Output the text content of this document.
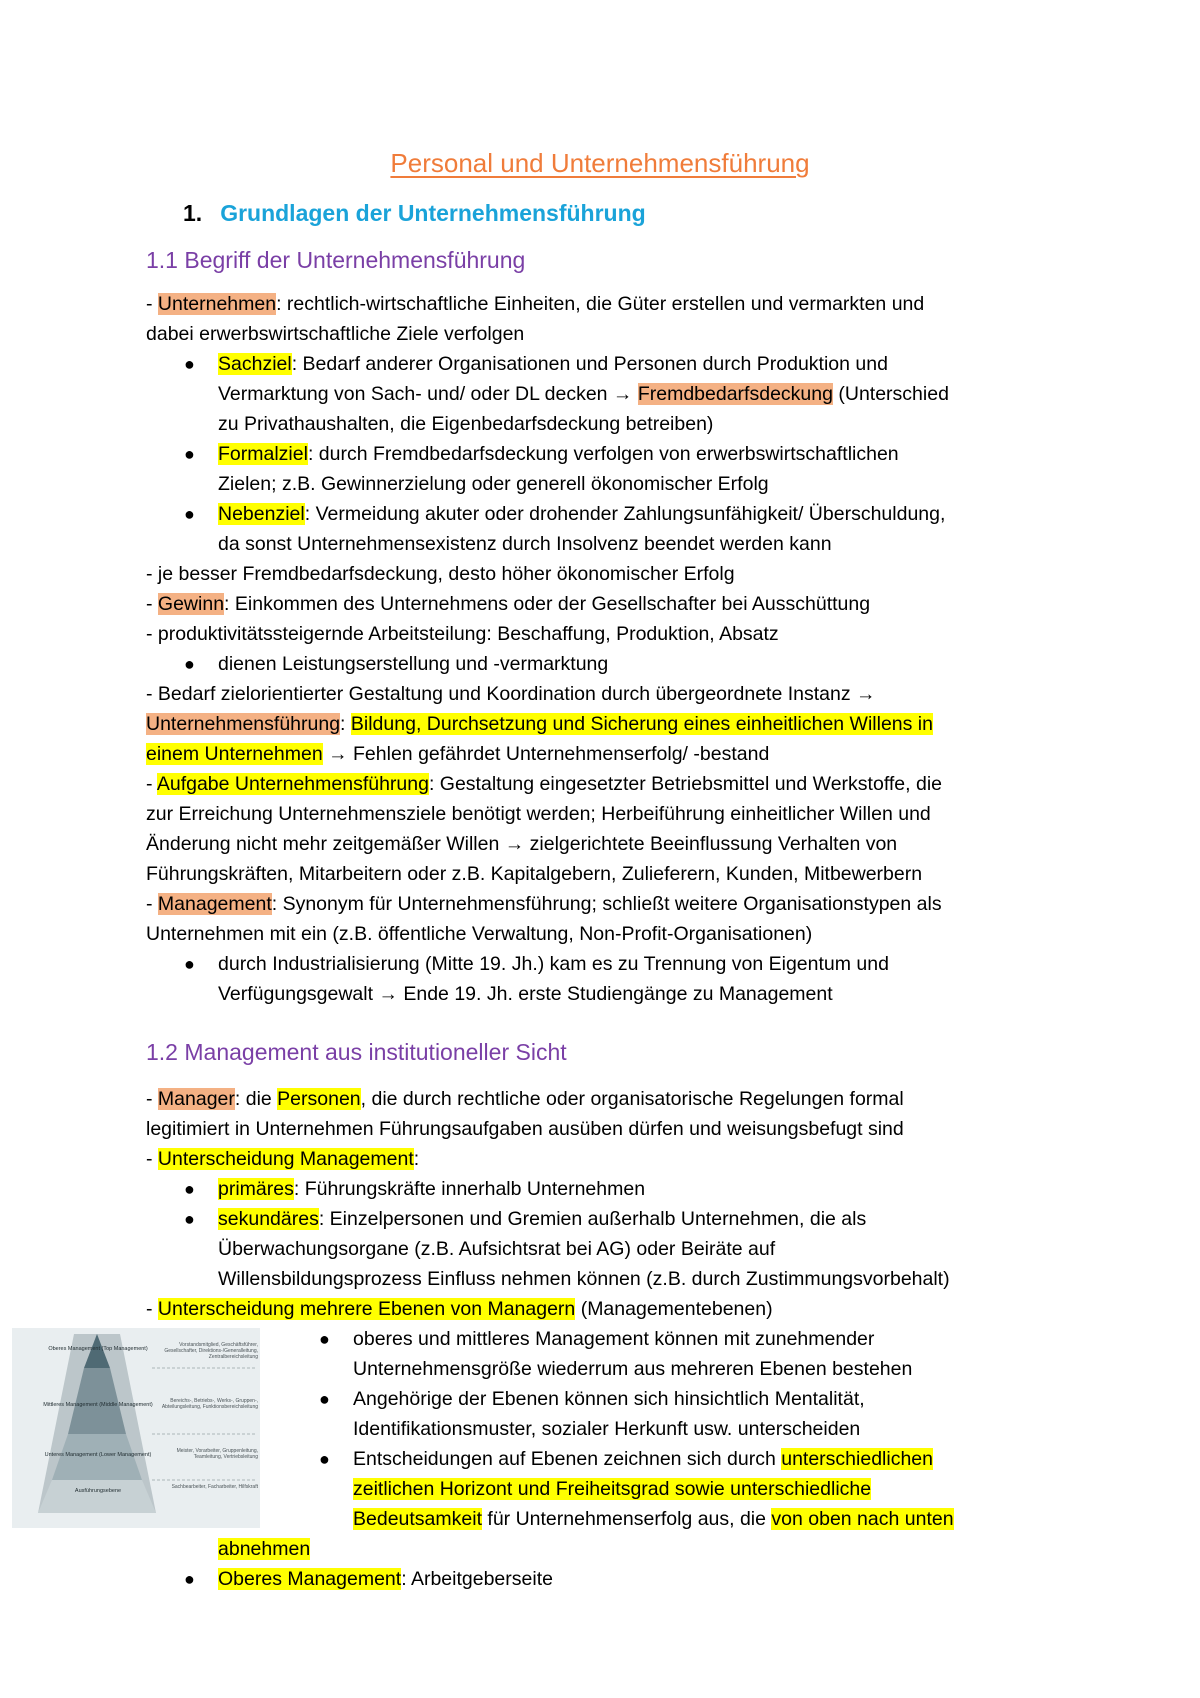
Personal und Unternehmensführung
1. Grundlagen der Unternehmensführung
1.1 Begriff der Unternehmensführung
1.2 Management aus institutioneller Sicht
- Unternehmen: rechtlich-wirtschaftliche Einheiten, die Güter erstellen und vermarkten und
dabei erwerbswirtschaftliche Ziele verfolgen
● Sachziel: Bedarf anderer Organisationen und Personen durch Produktion und
Vermarktung von Sach- und/ oder DL decken → Fremdbedarfsdeckung (Unterschied
zu Privathaushalten, die Eigenbedarfsdeckung betreiben)
● Formalziel: durch Fremdbedarfsdeckung verfolgen von erwerbswirtschaftlichen
Zielen; z.B. Gewinnerzielung oder generell ökonomischer Erfolg
● Nebenziel: Vermeidung akuter oder drohender Zahlungsunfähigkeit/ Überschuldung,
da sonst Unternehmensexistenz durch Insolvenz beendet werden kann
- je besser Fremdbedarfsdeckung, desto höher ökonomischer Erfolg
- Gewinn: Einkommen des Unternehmens oder der Gesellschafter bei Ausschüttung
- produktivitätssteigernde Arbeitsteilung: Beschaffung, Produktion, Absatz
● dienen Leistungserstellung und -vermarktung
- Bedarf zielorientierter Gestaltung und Koordination durch übergeordnete Instanz →
Unternehmensführung: Bildung, Durchsetzung und Sicherung eines einheitlichen Willens in
einem Unternehmen → Fehlen gefährdet Unternehmenserfolg/ -bestand
- Aufgabe Unternehmensführung: Gestaltung eingesetzter Betriebsmittel und Werkstoffe, die
zur Erreichung Unternehmensziele benötigt werden; Herbeiführung einheitlicher Willen und
Änderung nicht mehr zeitgemäßer Willen → zielgerichtete Beeinflussung Verhalten von
Führungskräften, Mitarbeitern oder z.B. Kapitalgebern, Zulieferern, Kunden, Mitbewerbern
- Management: Synonym für Unternehmensführung; schließt weitere Organisationstypen als
Unternehmen mit ein (z.B. öffentliche Verwaltung, Non-Profit-Organisationen)
● durch Industrialisierung (Mitte 19. Jh.) kam es zu Trennung von Eigentum und
Verfügungsgewalt → Ende 19. Jh. erste Studiengänge zu Management
- Manager: die Personen, die durch rechtliche oder organisatorische Regelungen formal
legitimiert in Unternehmen Führungsaufgaben ausüben dürfen und weisungsbefugt sind
- Unterscheidung Management:
● primäres: Führungskräfte innerhalb Unternehmen
● sekundäres: Einzelpersonen und Gremien außerhalb Unternehmen, die als
Überwachungsorgane (z.B. Aufsichtsrat bei AG) oder Beiräte auf
Willensbildungsprozess Einfluss nehmen können (z.B. durch Zustimmungsvorbehalt)
- Unterscheidung mehrere Ebenen von Managern (Managementebenen)
● oberes und mittleres Management können mit zunehmender
Unternehmensgröße wiederrum aus mehreren Ebenen bestehen
● Angehörige der Ebenen können sich hinsichtlich Mentalität,
Identifikationsmuster, sozialer Herkunft usw. unterscheiden
● Entscheidungen auf Ebenen zeichnen sich durch unterschiedlichen
zeitlichen Horizont und Freiheitsgrad sowie unterschiedliche
Bedeutsamkeit für Unternehmenserfolg aus, die von oben nach unten
abnehmen
● Oberes Management: Arbeitgeberseite
Oberes Management (Top Management)
Vorstandsmitglied, Geschäftsführer, Gesellschafter, Direktions-/Generalleitung, Zentralbereichsleitung
Mittleres Management (Middle Management)
Bereichs-, Betriebs-, Werks-, Gruppen-, Abteilungsleitung, Funktionsbereichsleitung
Unteres Management (Lower Management)
Meister, Vorarbeiter, Gruppenleitung, Teamleitung, Vertriebsleitung
Ausführungsebene
Sachbearbeiter, Facharbeiter, Hilfskraft
